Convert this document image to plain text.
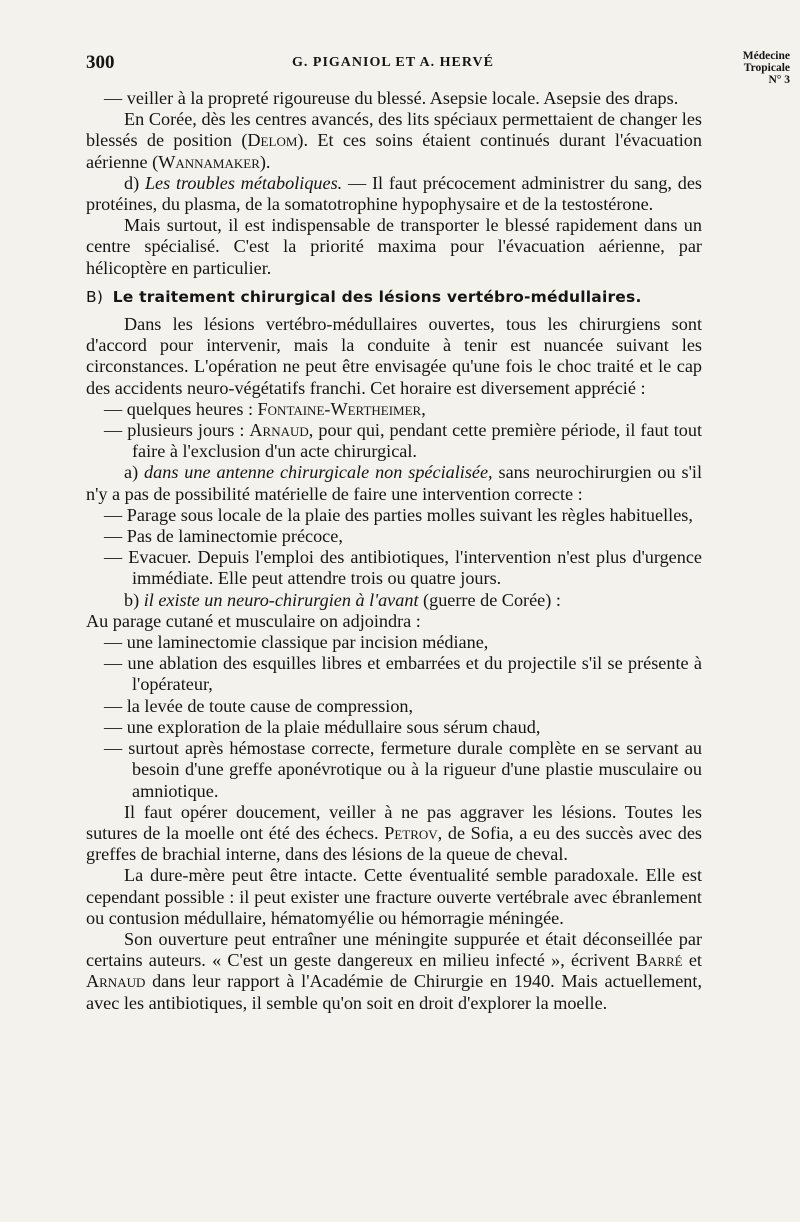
300	G. PIGANIOL ET A. HERVÉ	Médecine
Tropicale
N° 3

— veiller à la propreté rigoureuse du blessé. Asepsie locale. Asepsie des draps.

En Corée, dès les centres avancés, des lits spéciaux permettaient de changer les blessés de position (Delom). Et ces soins étaient continués durant l'évacuation aérienne (Wannamaker).

d) Les troubles métaboliques. — Il faut précocement administrer du sang, des protéines, du plasma, de la somatotrophine hypophysaire et de la testostérone.

Mais surtout, il est indispensable de transporter le blessé rapidement dans un centre spécialisé. C'est la priorité maxima pour l'évacuation aérienne, par hélicoptère en particulier.

B) Le traitement chirurgical des lésions vertébro-médullaires.

Dans les lésions vertébro-médullaires ouvertes, tous les chirurgiens sont d'accord pour intervenir, mais la conduite à tenir est nuancée suivant les circonstances. L'opération ne peut être envisagée qu'une fois le choc traité et le cap des accidents neuro-végétatifs franchi. Cet horaire est diversement apprécié :

— quelques heures : Fontaine-Wertheimer,

— plusieurs jours : Arnaud, pour qui, pendant cette première période, il faut tout faire à l'exclusion d'un acte chirurgical.

a) dans une antenne chirurgicale non spécialisée, sans neurochirurgien ou s'il n'y a pas de possibilité matérielle de faire une intervention correcte :

— Parage sous locale de la plaie des parties molles suivant les règles habituelles,

— Pas de laminectomie précoce,

— Evacuer. Depuis l'emploi des antibiotiques, l'intervention n'est plus d'urgence immédiate. Elle peut attendre trois ou quatre jours.

b) il existe un neuro-chirurgien à l'avant (guerre de Corée) :

Au parage cutané et musculaire on adjoindra :

— une laminectomie classique par incision médiane,

— une ablation des esquilles libres et embarrées et du projectile s'il se présente à l'opérateur,

— la levée de toute cause de compression,

— une exploration de la plaie médullaire sous sérum chaud,

— surtout après hémostase correcte, fermeture durale complète en se servant au besoin d'une greffe aponévrotique ou à la rigueur d'une plastie musculaire ou amniotique.

Il faut opérer doucement, veiller à ne pas aggraver les lésions. Toutes les sutures de la moelle ont été des échecs. Petrov, de Sofia, a eu des succès avec des greffes de brachial interne, dans des lésions de la queue de cheval.

La dure-mère peut être intacte. Cette éventualité semble paradoxale. Elle est cependant possible : il peut exister une fracture ouverte vertébrale avec ébranlement ou contusion médullaire, hématomyélie ou hémorragie méningée.

Son ouverture peut entraîner une méningite suppurée et était déconseillée par certains auteurs. « C'est un geste dangereux en milieu infecté », écrivent Barré et Arnaud dans leur rapport à l'Académie de Chirurgie en 1940. Mais actuellement, avec les antibiotiques, il semble qu'on soit en droit d'explorer la moelle.
